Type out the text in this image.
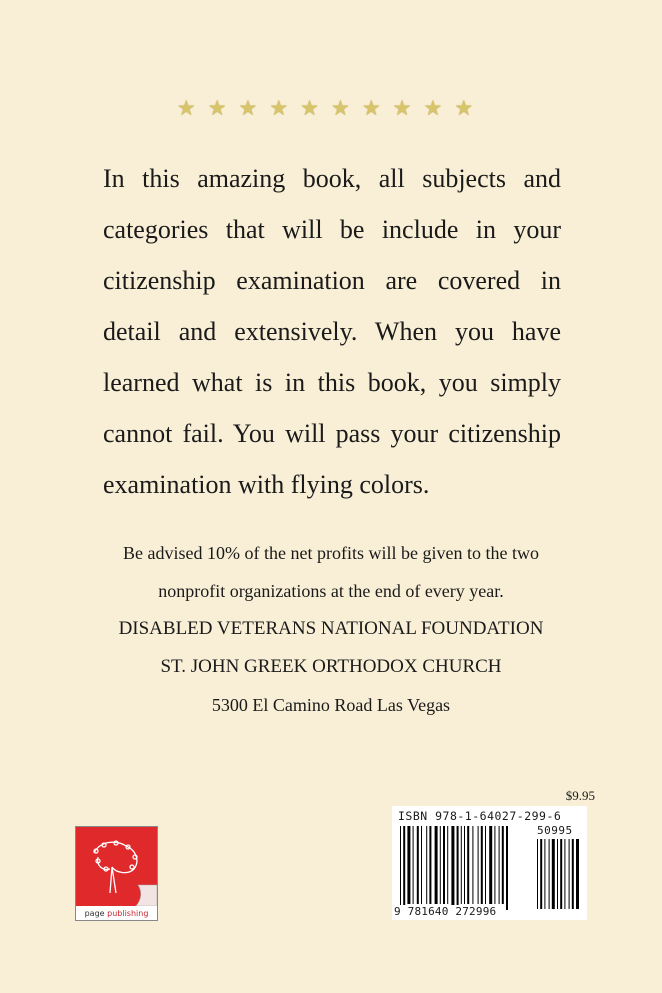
★★★★★★★★★★

In this amazing book, all subjects and categories that will be include in your citizenship examination are covered in detail and extensively. When you have learned what is in this book, you simply cannot fail. You will pass your citizenship examination with flying colors.

Be advised 10% of the net profits will be given to the two
nonprofit organizations at the end of every year.
DISABLED VETERANS NATIONAL FOUNDATION
ST. JOHN GREEK ORTHODOX CHURCH
5300 El Camino Road Las Vegas
$9.95
ISBN 978-1-64027-299-6
50995
9 781640 272996
page publishing
